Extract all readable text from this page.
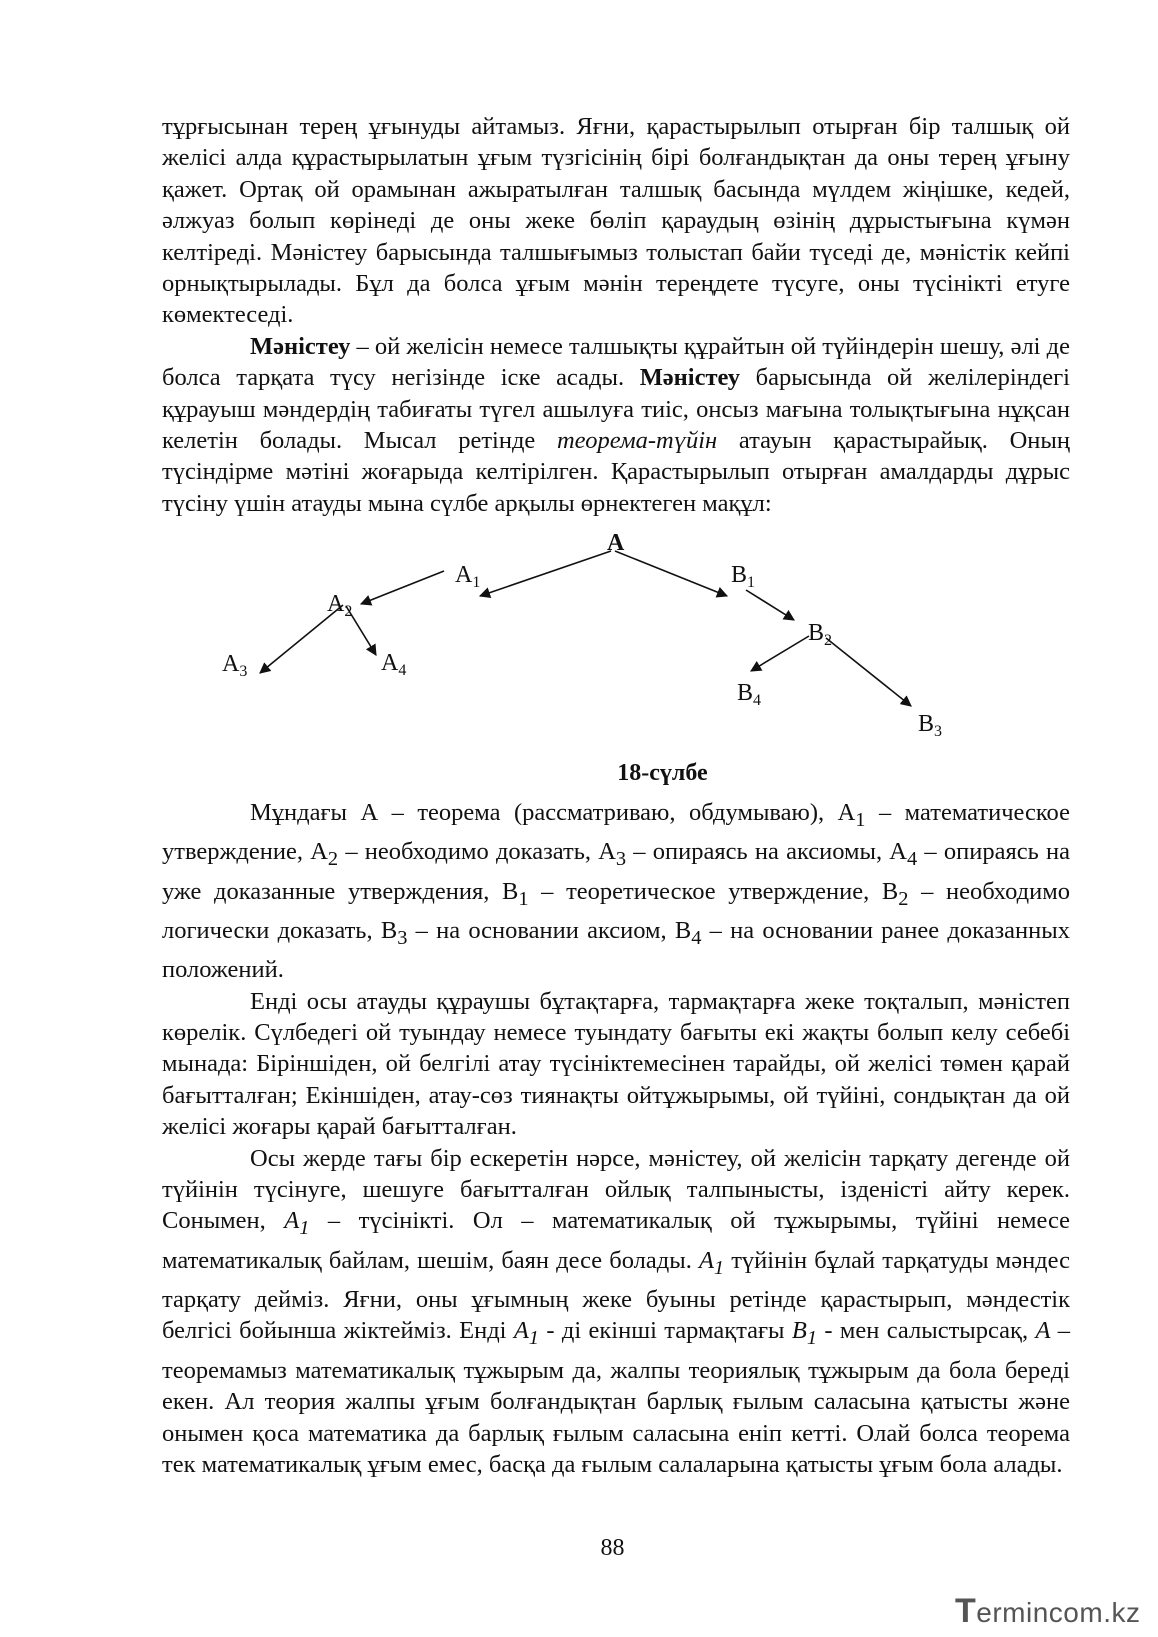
тұрғысынан терең ұғынуды айтамыз. Яғни, қарастырылып отырған бір талшық ой желісі алда құрастырылатын ұғым түзгісінің бірі болғандықтан да оны терең ұғыну қажет. Ортақ ой орамынан ажыратылған талшық басында мүлдем жіңішке, кедей, әлжуаз болып көрінеді де оны жеке бөліп қараудың өзінің дұрыстығына күмән келтіреді. Мәністеу барысында талшығымыз толыстап байи түседі де, мәністік кейпі орнықтырылады. Бұл да болса ұғым мәнін тереңдете түсуге, оны түсінікті етуге көмектеседі.

Мәністеу – ой желісін немесе талшықты құрайтын ой түйіндерін шешу, әлі де болса тарқата түсу негізінде іске асады. Мәністеу барысында ой желілеріндегі құрауыш мәндердің табиғаты түгел ашылуға тиіс, онсыз мағына толықтығына нұқсан келетін болады. Мысал ретінде теорема-түйін атауын қарастырайық. Оның түсіндірме мәтіні жоғарыда келтірілген. Қарастырылып отырған амалдарды дұрыс түсіну үшін атауды мына сүлбе арқылы өрнектеген мақұл:

A
$A_1$
$A_2$
$A_3$	$A_4$
$B_1$
$B_2$
$B_3$
$B_4$
18-сүлбе

Мұндағы А – теорема (рассматриваю, обдумываю), $А_1$ – математическое утверждение, $А_2$ – необходимо доказать, $А_3$ – опираясь на аксиомы, $А_4$ – опираясь на уже доказанные утверждения, $В_1$ – теоретическое утверждение, $В_2$ – необходимо логически доказать, $В_3$ – на основании аксиом, $В_4$ – на основании ранее доказанных положений.

Енді осы атауды құраушы бұтақтарға, тармақтарға жеке тоқталып, мәністеп көрелік. Сүлбедегі ой туындау немесе туындату бағыты екі жақты болып келу себебі мынада: Біріншіден, ой белгілі атау түсініктемесінен тарайды, ой желісі төмен қарай бағытталған; Екіншіден, атау-сөз тиянақты ойтұжырымы, ой түйіні, сондықтан да ой желісі жоғары қарай бағытталған.

Осы жерде тағы бір ескеретін нәрсе, мәністеу, ой желісін тарқату дегенде ой түйінін түсінуге, шешуге бағытталған ойлық талпынысты, ізденісті айту керек. Сонымен, $А_1$ – түсінікті. Ол – математикалық ой тұжырымы, түйіні немесе математикалық байлам, шешім, баян десе болады. $А_1$ түйінін бұлай тарқатуды мәндес тарқату дейміз. Яғни, оны ұғымның жеке буыны ретінде қарастырып, мәндестік белгісі бойынша жіктейміз. Енді $А_1$ - ді екінші тармақтағы $В_1$ - мен салыстырсақ, А – теоремамыз математикалық тұжырым да, жалпы теориялық тұжырым да бола береді екен. Ал теория жалпы ұғым болғандықтан барлық ғылым саласына қатысты және онымен қоса математика да барлық ғылым саласына еніп кетті. Олай болса теорема тек математикалық ұғым емес, басқа да ғылым салаларына қатысты ұғым бола алады.

88
Termincom.kz
